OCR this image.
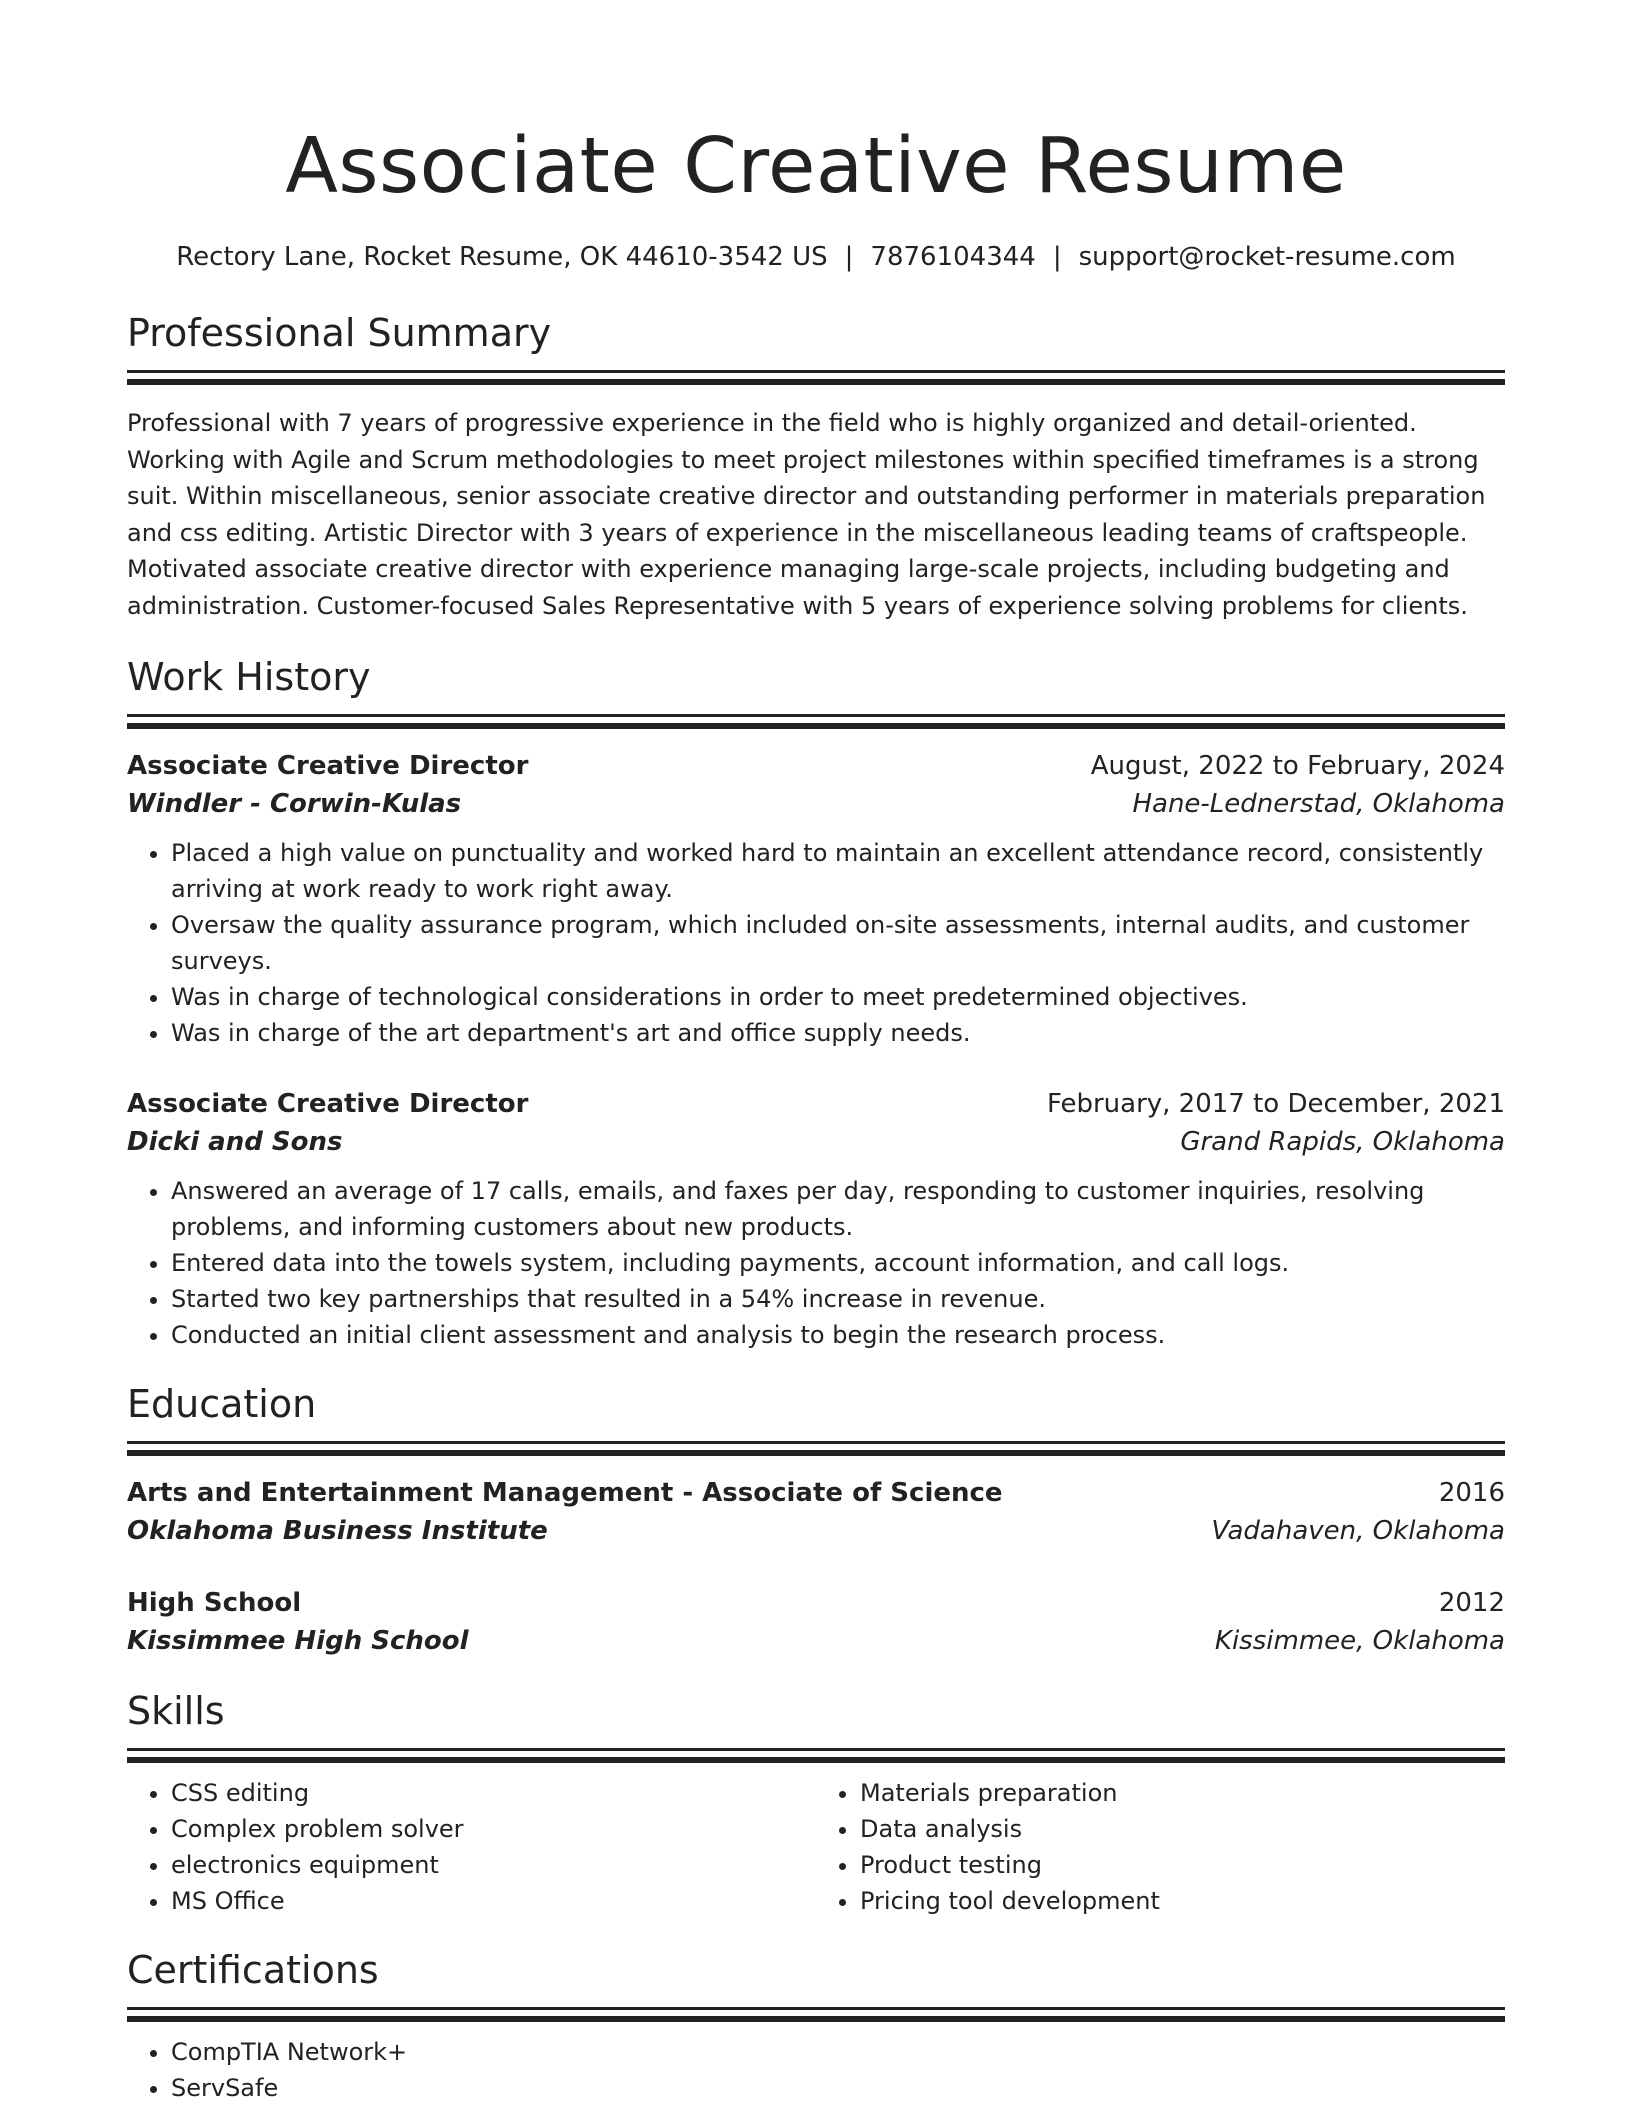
Associate Creative Resume
Rectory Lane, Rocket Resume, OK 44610-3542 US | 7876104344 | support@rocket-resume.com
Professional Summary

Professional with 7 years of progressive experience in the field who is highly organized and detail-oriented. Working with Agile and Scrum methodologies to meet project milestones within specified timeframes is a strong suit. Within miscellaneous, senior associate creative director and outstanding performer in materials preparation and css editing. Artistic Director with 3 years of experience in the miscellaneous leading teams of craftspeople. Motivated associate creative director with experience managing large-scale projects, including budgeting and administration. Customer-focused Sales Representative with 5 years of experience solving problems for clients.

Work History
Associate Creative Director	August, 2022 to February, 2024
Windler - Corwin-Kulas	Hane-Lednerstad, Oklahoma
• Placed a high value on punctuality and worked hard to maintain an excellent attendance record, consistently arriving at work ready to work right away.
• Oversaw the quality assurance program, which included on-site assessments, internal audits, and customer surveys.
• Was in charge of technological considerations in order to meet predetermined objectives.
• Was in charge of the art department's art and office supply needs.
Associate Creative Director	February, 2017 to December, 2021
Dicki and Sons	Grand Rapids, Oklahoma
• Answered an average of 17 calls, emails, and faxes per day, responding to customer inquiries, resolving problems, and informing customers about new products.
• Entered data into the towels system, including payments, account information, and call logs.
• Started two key partnerships that resulted in a 54% increase in revenue.
• Conducted an initial client assessment and analysis to begin the research process.
Education
Arts and Entertainment Management - Associate of Science	2016
Oklahoma Business Institute	Vadahaven, Oklahoma
High School	2012
Kissimmee High School	Kissimmee, Oklahoma
Skills
• CSS editing
• Complex problem solver
• electronics equipment
• MS Office
• Materials preparation
• Data analysis
• Product testing
• Pricing tool development
Certifications
• CompTIA Network+
• ServSafe
